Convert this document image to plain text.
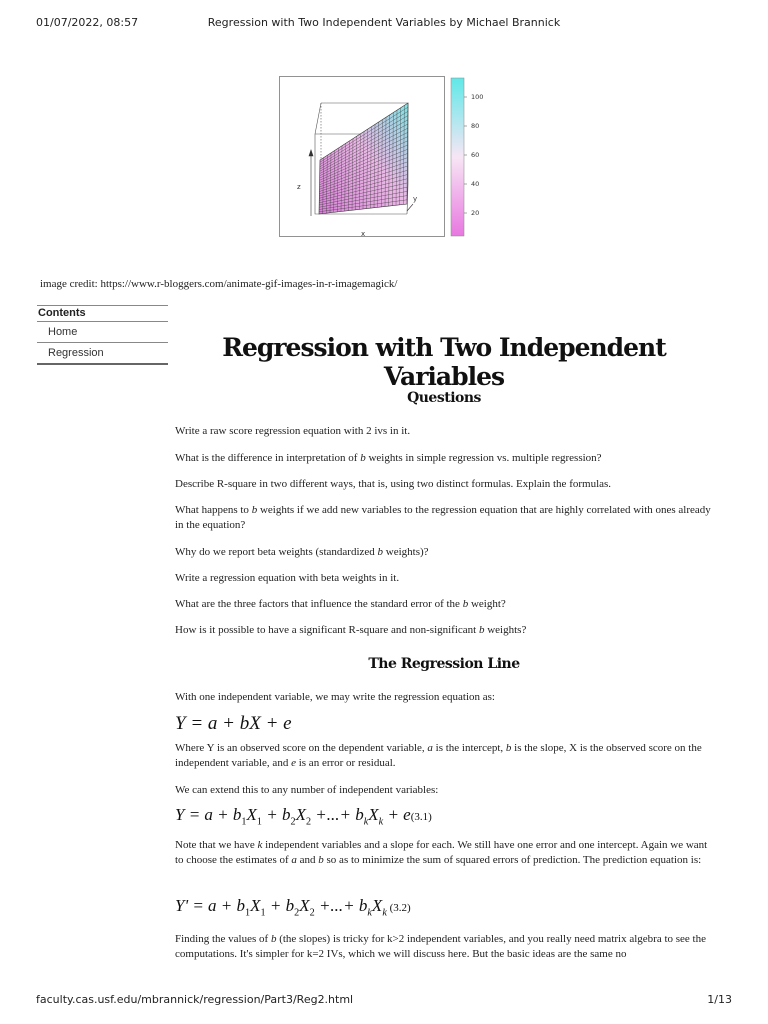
01/07/2022, 08:57	Regression with Two Independent Variables by Michael Brannick
z
y
x
100
80
60
40
20
image credit: https://www.r-bloggers.com/animate-gif-images-in-r-imagemagick/
Contents
Home
Regression	Regression with Two Independent Variables
Questions
Write a raw score regression equation with 2 ivs in it.
What is the difference in interpretation of b weights in simple regression vs. multiple regression?
Describe R-square in two different ways, that is, using two distinct formulas. Explain the formulas.
What happens to b weights if we add new variables to the regression equation that are highly correlated with ones already in the equation?
Why do we report beta weights (standardized b weights)?
Write a regression equation with beta weights in it.
What are the three factors that influence the standard error of the b weight?
How is it possible to have a significant R-square and non-significant b weights?
The Regression Line
With one independent variable, we may write the regression equation as:
Y = a + bX + e
Where Y is an observed score on the dependent variable, a is the intercept, b is the slope, X is the observed score on the independent variable, and e is an error or residual.
We can extend this to any number of independent variables:
$Y = a + b_1X_1 + b_2X_2$ +...+ $b_kX_k + e(3.1)$
Note that we have k independent variables and a slope for each. We still have one error and one intercept. Again we want to choose the estimates of a and b so as to minimize the sum of squared errors of prediction. The prediction equation is:
$Y' = a + b_1X_1 + b_2X_2$ +...+ $b_kX_k$ (3.2)
Finding the values of b (the slopes) is tricky for k>2 independent variables, and you really need matrix algebra to see the computations. It's simpler for k=2 IVs, which we will discuss here. But the basic ideas are the same no
faculty.cas.usf.edu/mbrannick/regression/Part3/Reg2.html	1/13
